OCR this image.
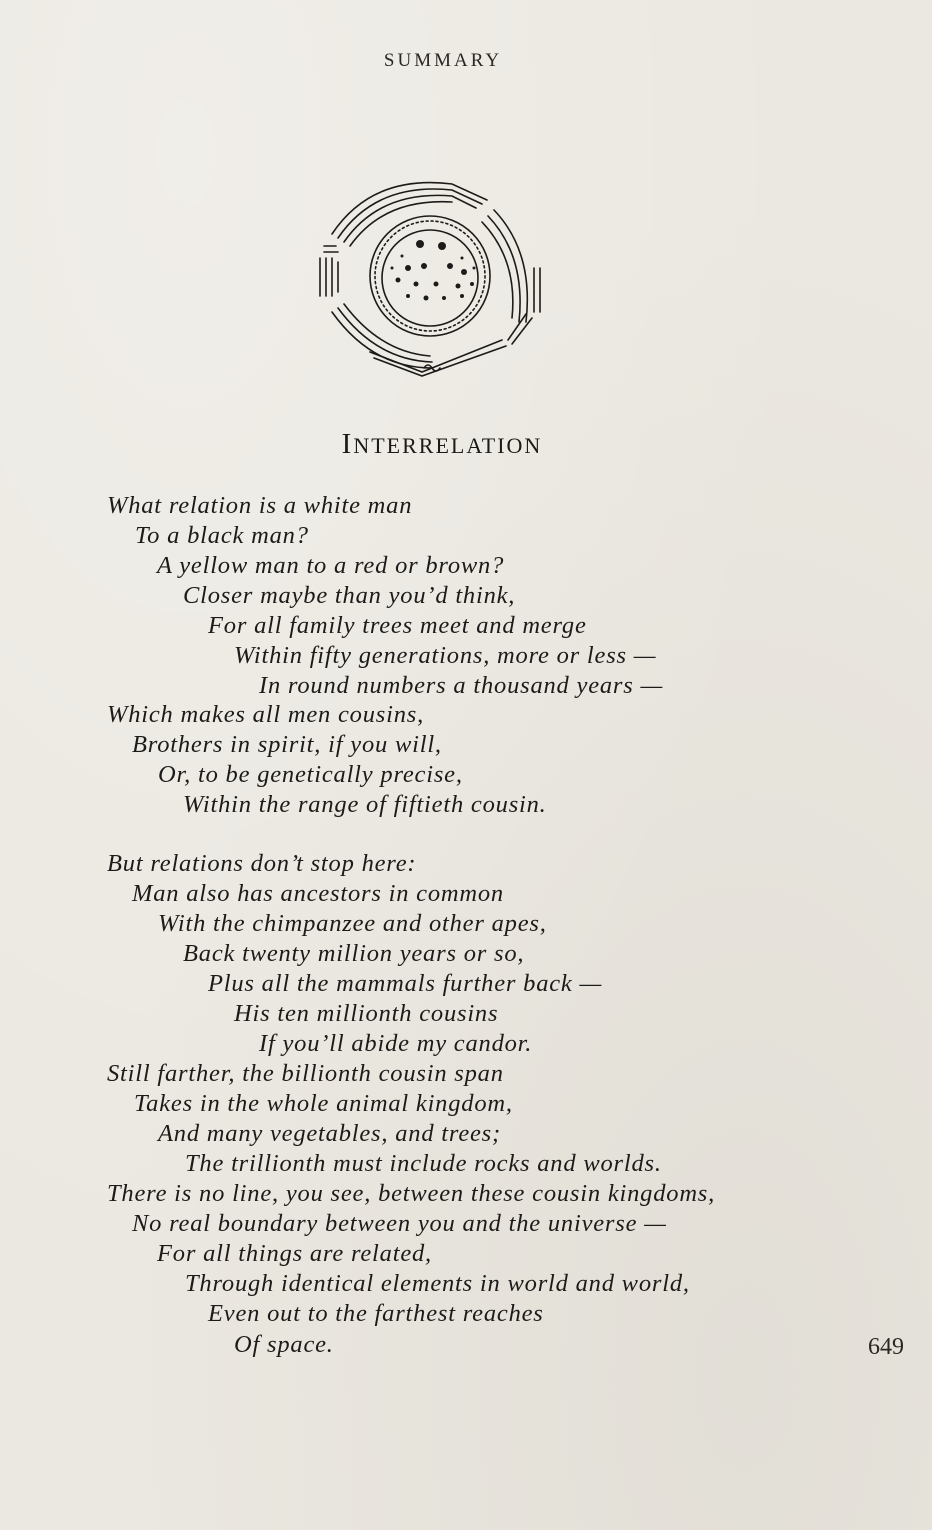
SUMMARY
INTERRELATION
What relation is a white man
To a black man?
A yellow man to a red or brown?
Closer maybe than you’d think,
For all family trees meet and merge
Within fifty generations, more or less —
In round numbers a thousand years —
Which makes all men cousins,
Brothers in spirit, if you will,
Or, to be genetically precise,
Within the range of fiftieth cousin.
But relations don’t stop here:
Man also has ancestors in common
With the chimpanzee and other apes,
Back twenty million years or so,
Plus all the mammals further back —
His ten millionth cousins
If you’ll abide my candor.
Still farther, the billionth cousin span
Takes in the whole animal kingdom,
And many vegetables, and trees;
The trillionth must include rocks and worlds.
There is no line, you see, between these cousin kingdoms,
No real boundary between you and the universe —
For all things are related,
Through identical elements in world and world,
Even out to the farthest reaches
Of space.	649
